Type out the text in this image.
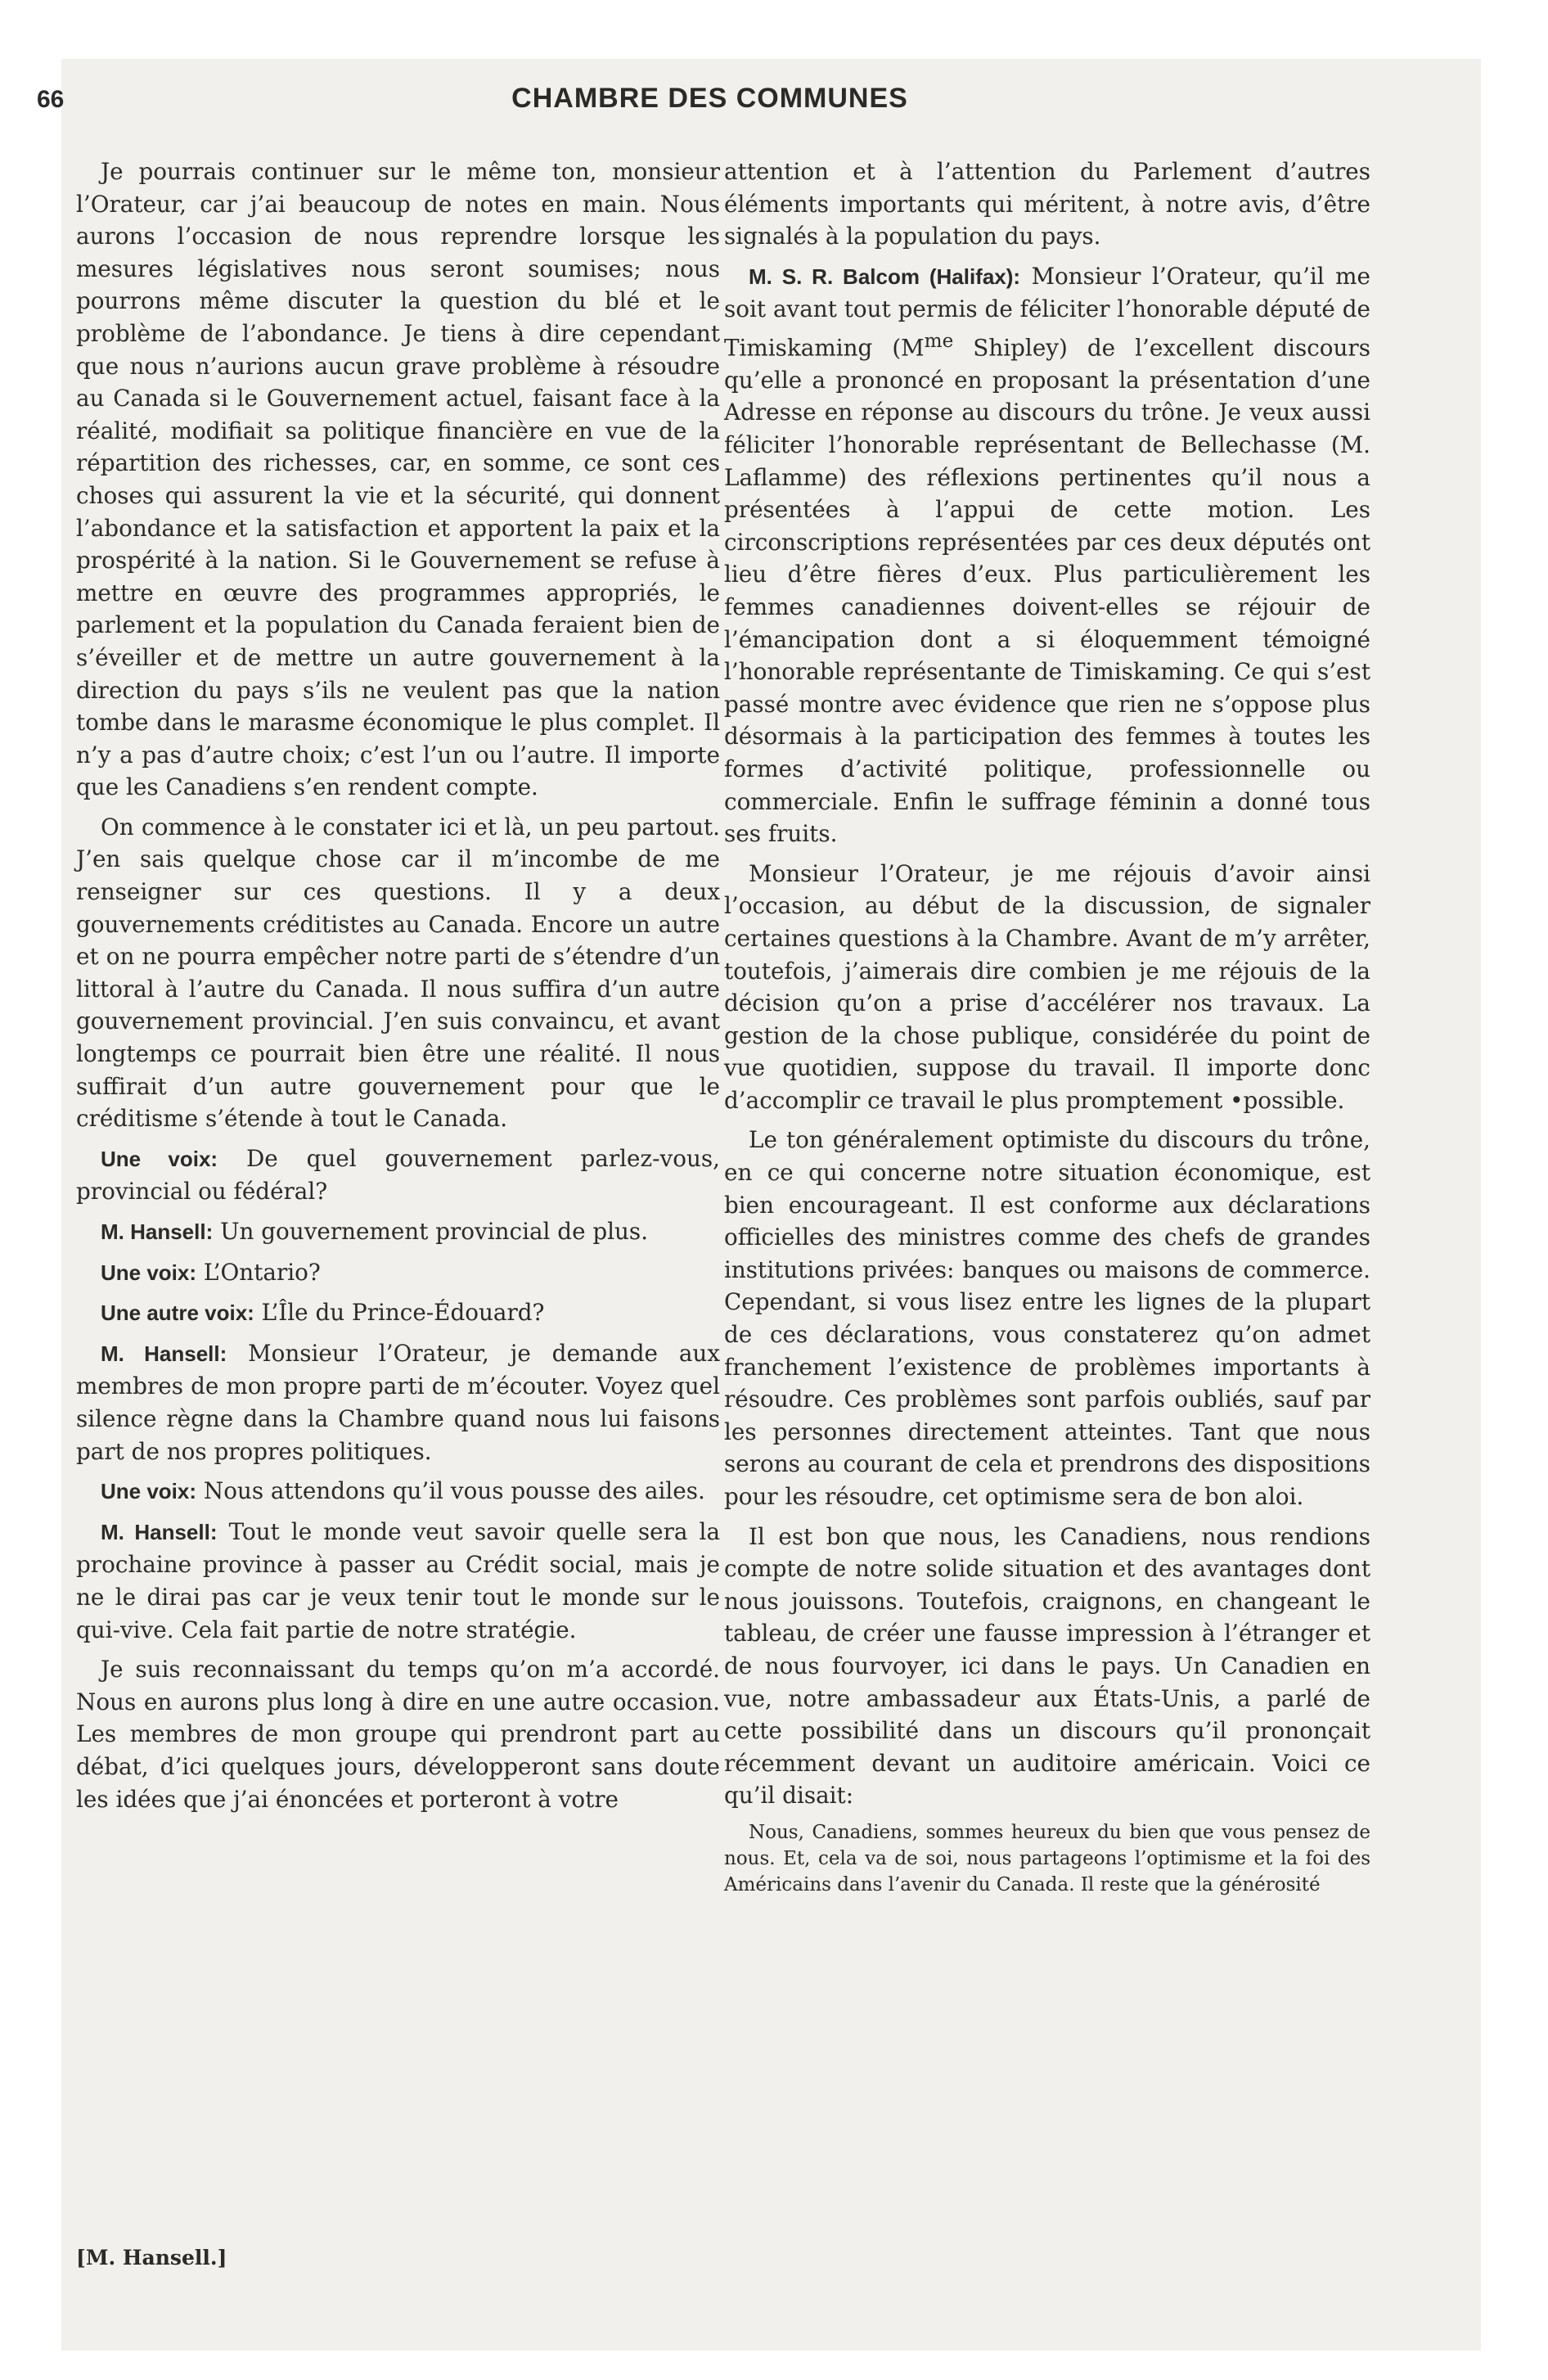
66	CHAMBRE DES COMMUNES

Je pourrais continuer sur le même ton, monsieur l’Orateur, car j’ai beaucoup de notes en main. Nous aurons l’occasion de nous reprendre lorsque les mesures législatives nous seront soumises; nous pourrons même discuter la question du blé et le problème de l’abondance. Je tiens à dire cependant que nous n’aurions aucun grave problème à résoudre au Canada si le Gouvernement actuel, faisant face à la réalité, modifiait sa politique financière en vue de la répartition des richesses, car, en somme, ce sont ces choses qui assurent la vie et la sécurité, qui donnent l’abondance et la satisfaction et apportent la paix et la prospérité à la nation. Si le Gouvernement se refuse à mettre en œuvre des programmes appropriés, le parlement et la population du Canada feraient bien de s’éveiller et de mettre un autre gouvernement à la direction du pays s’ils ne veulent pas que la nation tombe dans le marasme économique le plus complet. Il n’y a pas d’autre choix; c’est l’un ou l’autre. Il importe que les Canadiens s’en rendent compte.

On commence à le constater ici et là, un peu partout. J’en sais quelque chose car il m’incombe de me renseigner sur ces questions. Il y a deux gouvernements créditistes au Canada. Encore un autre et on ne pourra empêcher notre parti de s’étendre d’un littoral à l’autre du Canada. Il nous suffira d’un autre gouvernement provincial. J’en suis convaincu, et avant longtemps ce pourrait bien être une réalité. Il nous suffirait d’un autre gouvernement pour que le créditisme s’étende à tout le Canada.

Une voix: De quel gouvernement parlez-vous, provincial ou fédéral?

M. Hansell: Un gouvernement provincial de plus.

Une voix: L’Ontario?

Une autre voix: L’Île du Prince-Édouard?

M. Hansell: Monsieur l’Orateur, je demande aux membres de mon propre parti de m’écouter. Voyez quel silence règne dans la Chambre quand nous lui faisons part de nos propres politiques.

Une voix: Nous attendons qu’il vous pousse des ailes.

M. Hansell: Tout le monde veut savoir quelle sera la prochaine province à passer au Crédit social, mais je ne le dirai pas car je veux tenir tout le monde sur le qui-vive. Cela fait partie de notre stratégie.

Je suis reconnaissant du temps qu’on m’a accordé. Nous en aurons plus long à dire en une autre occasion. Les membres de mon groupe qui prendront part au débat, d’ici quelques jours, développeront sans doute les idées que j’ai énoncées et porteront à votre

attention et à l’attention du Parlement d’autres éléments importants qui méritent, à notre avis, d’être signalés à la population du pays.

M. S. R. Balcom (Halifax): Monsieur l’Orateur, qu’il me soit avant tout permis de féliciter l’honorable député de Timiskaming ($M^{me}$ Shipley) de l’excellent discours qu’elle a prononcé en proposant la présentation d’une Adresse en réponse au discours du trône. Je veux aussi féliciter l’honorable représentant de Bellechasse (M. Laflamme) des réflexions pertinentes qu’il nous a présentées à l’appui de cette motion. Les circonscriptions représentées par ces deux députés ont lieu d’être fières d’eux. Plus particulièrement les femmes canadiennes doivent-elles se réjouir de l’émancipation dont a si éloquemment témoigné l’honorable représentante de Timiskaming. Ce qui s’est passé montre avec évidence que rien ne s’oppose plus désormais à la participation des femmes à toutes les formes d’activité politique, professionnelle ou commerciale. Enfin le suffrage féminin a donné tous ses fruits.

Monsieur l’Orateur, je me réjouis d’avoir ainsi l’occasion, au début de la discussion, de signaler certaines questions à la Chambre. Avant de m’y arrêter, toutefois, j’aimerais dire combien je me réjouis de la décision qu’on a prise d’accélérer nos travaux. La gestion de la chose publique, considérée du point de vue quotidien, suppose du travail. Il importe donc d’accomplir ce travail le plus promptement •possible.

Le ton généralement optimiste du discours du trône, en ce qui concerne notre situation économique, est bien encourageant. Il est conforme aux déclarations officielles des ministres comme des chefs de grandes institutions privées: banques ou maisons de commerce. Cependant, si vous lisez entre les lignes de la plupart de ces déclarations, vous constaterez qu’on admet franchement l’existence de problèmes importants à résoudre. Ces problèmes sont parfois oubliés, sauf par les personnes directement atteintes. Tant que nous serons au courant de cela et prendrons des dispositions pour les résoudre, cet optimisme sera de bon aloi.

Il est bon que nous, les Canadiens, nous rendions compte de notre solide situation et des avantages dont nous jouissons. Toutefois, craignons, en changeant le tableau, de créer une fausse impression à l’étranger et de nous fourvoyer, ici dans le pays. Un Canadien en vue, notre ambassadeur aux États-Unis, a parlé de cette possibilité dans un discours qu’il prononçait récemment devant un auditoire américain. Voici ce qu’il disait:

Nous, Canadiens, sommes heureux du bien que vous pensez de nous. Et, cela va de soi, nous partageons l’optimisme et la foi des Américains dans l’avenir du Canada. Il reste que la générosité

[M. Hansell.]
